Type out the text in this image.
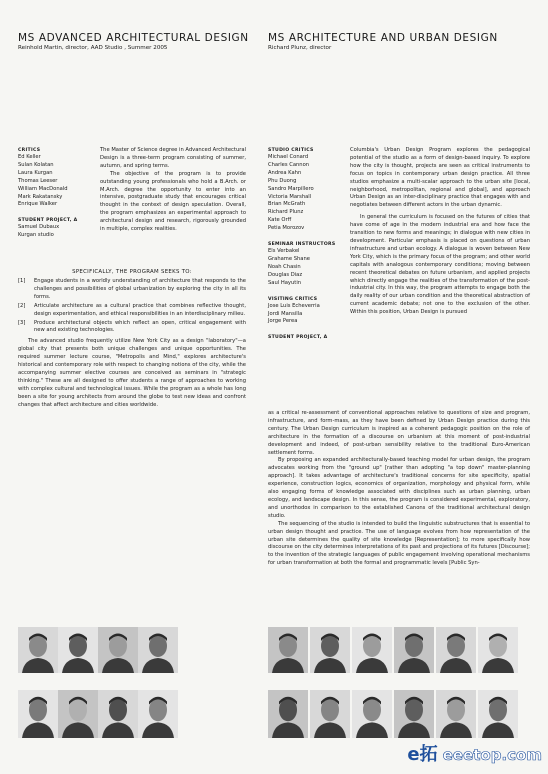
MS ADVANCED ARCHITECTURAL DESIGN
Reinhold Martin, director, AAD Studio , Summer 2005
CRITICS
Ed Keller
Sulan Kolatan
Laura Kurgan
Thomas Leeser
William MacDonald
Mark Rakatansky
Enrique Walker
STUDENT PROJECT, A
Samuel Dubaux
Kurgan studio

The Master of Science degree in Advanced Architectural Design is a three-term program consisting of summer, autumn, and spring terms.

The objective of the program is to provide outstanding young professionals who hold a B.Arch. or M.Arch. degree the opportunity to enter into an intensive, postgraduate study that encourages critical thought in the context of design speculation. Overall, the program emphasizes an experimental approach to architectural design and research, rigorously grounded in multiple, complex realities.

SPECIFICALLY, THE PROGRAM SEEKS TO:
[1]	Engage students in a worldly understanding of architecture that responds to the challenges and possibilities of global urbanization by exploring the city in all its forms.
[2]	Articulate architecture as a cultural practice that combines reflective thought, design experimentation, and ethical responsibilities in an interdisciplinary milieu.
[3]	Produce architectural objects which reflect an open, critical engagement with new and existing technologies.

The advanced studio frequently utilize New York City as a design "laboratory"—a global city that presents both unique challenges and unique opportunities. The required summer lecture course, "Metropolis and Mind," explores architecture's historical and contemporary role with respect to changing notions of the city, while the accompanying summer elective courses are conceived as seminars in "strategic thinking." These are all designed to offer students a range of approaches to working with complex cultural and technological issues. While the program as a whole has long been a site for young architects from around the globe to test new ideas and confront changes that affect architecture and cities worldwide.

MS ARCHITECTURE AND URBAN DESIGN
Richard Plunz, director
STUDIO CRITICS
Michael Conard
Charles Cannon
Andrea Kahn
Phu Duong
Sandro Marpillero
Victoria Marshall
Brian McGrath
Richard Plunz
Kate Orff
Petia Morozov
SEMINAR INSTRUCTORS
Els Verbakel
Grahame Shane
Noah Chasin
Douglas Diaz
Saul Hayutin
VISITING CRITICS
Jose Luis Echeverria
Jordi Mansilla
Jorge Perea
STUDENT PROJECT, A

Columbia's Urban Design Program explores the pedagogical potential of the studio as a form of design-based inquiry. To explore how the city is thought, projects are seen as critical instruments to focus on topics in contemporary urban design practice. All three studios emphasize a multi-scalar approach to the urban site [local, neighborhood, metropolitan, regional and global], and approach Urban Design as an inter-disciplinary practice that engages with and negotiates between different actors in the urban dynamic.

In general the curriculum is focused on the futures of cities that have come of age in the modern industrial era and how face the transition to new forms and meanings; in dialogue with new cities in development. Particular emphasis is placed on questions of urban infrastructure and urban ecology. A dialogue is woven between New York City, which is the primary focus of the program; and other world capitals with analogous contemporary conditions; moving between recent theoretical debates on future urbanism, and applied projects which directly engage the realities of the transformation of the post-industrial city. In this way, the program attempts to engage both the daily reality of our urban condition and the theoretical abstraction of current academic debate; not one to the exclusion of the other. Within this position, Urban Design is pursued

as a critical re-assessment of conventional approaches relative to questions of size and program, infrastructure, and form-mass, as they have been defined by Urban Design practice during this century. The Urban Design curriculum is inspired as a coherent pedagogic position on the role of architecture in the formation of a discourse on urbanism at this moment of post-industrial development and indeed, of post-urban sensibility relative to the traditional Euro-American settlement forms.

By proposing an expanded architecturally-based teaching model for urban design, the program advocates working from the "ground up" [rather than adopting "a top down" master-planning approach]. It takes advantage of architecture's traditional concerns for site specificity, spatial experience, construction logics, economics of organization, morphology and physical form, while also engaging forms of knowledge associated with disciplines such as urban planning, urban ecology, and landscape design. In this sense, the program is considered experimental, exploratory, and unorthodox in comparison to the established Canons of the traditional architectural design studio.

The sequencing of the studio is intended to build the linguistic substructures that is essential to urban design thought and practice. The use of language evolves from how representation of the urban site determines the quality of site knowledge [Representation]; to more specifically how discourse on the city determines interpretations of its past and projections of its futures [Discourse]; to the invention of the strategic languages of public engagement involving operational mechanisms for urban transformation at both the formal and programmatic levels [Public Syn-

e拓 eeetop.com
